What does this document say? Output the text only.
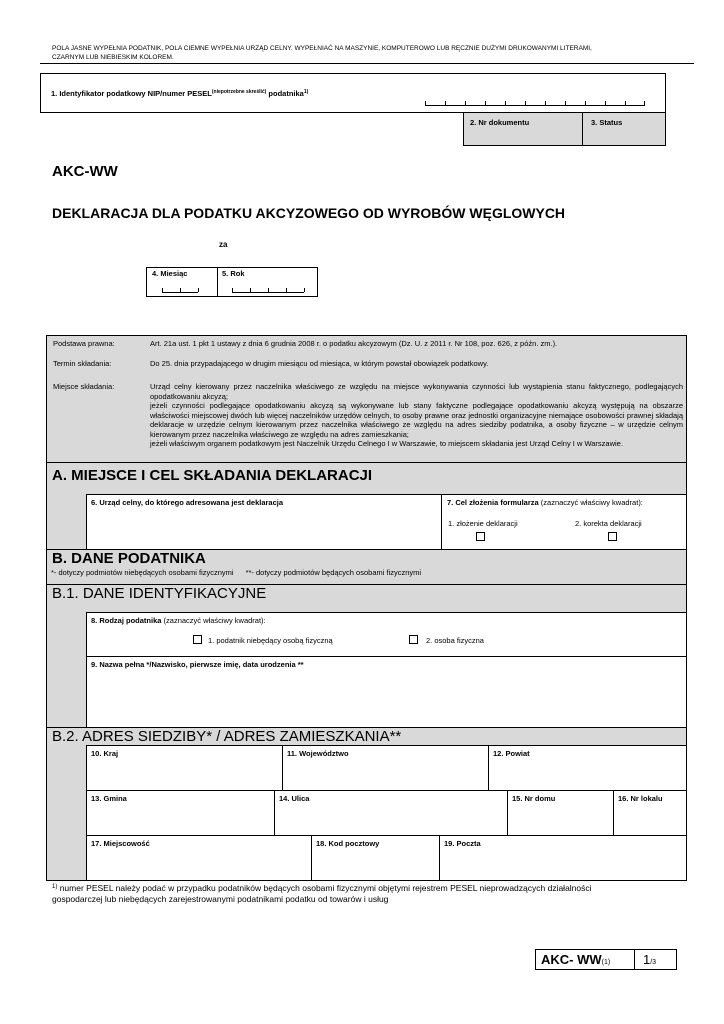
POLA JASNE WYPEŁNIA PODATNIK, POLA CIEMNE WYPEŁNIA URZĄD CELNY. WYPEŁNIAĆ NA MASZYNIE, KOMPUTEROWO LUB RĘCZNIE DUŻYMI DRUKOWANYMI LITERAMI,
CZARNYM LUB NIEBIESKIM KOLOREM.
1. Identyfikator podatkowy NIP/numer $PESEL^{(niepotrzebne skreślić)}$ podatnika$^{1)}$
2. Nr dokumentu	3. Status
AKC-WW
DEKLARACJA DLA PODATKU AKCYZOWEGO OD WYROBÓW WĘGLOWYCH
za
4. Miesiąc	5. Rok
Podstawa prawna:	Art. 21a ust. 1 pkt 1 ustawy z dnia 6 grudnia 2008 r. o podatku akcyzowym (Dz. U. z 2011 r. Nr 108, poz. 626, z późn. zm.).
Termin składania:	Do 25. dnia przypadającego w drugim miesiącu od miesiąca, w którym powstał obowiązek podatkowy.
Miejsce składania:	Urząd celny kierowany przez naczelnika właściwego ze względu na miejsce wykonywania czynności lub wystąpienia stanu faktycznego, podlegających opodatkowaniu akcyzą;
jeżeli czynności podlegające opodatkowaniu akcyzą są wykonywane lub stany faktyczne podlegające opodatkowaniu akcyzą występują na obszarze właściwości miejscowej dwóch lub więcej naczelników urzędów celnych, to osoby prawne oraz jednostki organizacyjne niemające osobowości prawnej składają deklaracje w urzędzie celnym kierowanym przez naczelnika właściwego ze względu na adres siedziby podatnika, a osoby fizyczne – w urzędzie celnym kierowanym przez naczelnika właściwego ze względu na adres zamieszkania;
jeżeli właściwym organem podatkowym jest Naczelnik Urzędu Celnego I w Warszawie, to miejscem składania jest Urząd Celny I w Warszawie.
A. MIEJSCE I CEL SKŁADANIA DEKLARACJI
6. Urząd celny, do którego adresowana jest deklaracja	7. Cel złożenia formularza (zaznaczyć właściwy kwadrat):
1. złożenie deklaracji	2. korekta deklaracji
B. DANE PODATNIKA
*- dotyczy podmiotów niebędących osobami fizycznymi **- dotyczy podmiotów będących osobami fizycznymi
B.1. DANE IDENTYFIKACYJNE
8. Rodzaj podatnika (zaznaczyć właściwy kwadrat):
1. podatnik niebędący osobą fizyczną	2. osoba fizyczna
9. Nazwa pełna */Nazwisko, pierwsze imię, data urodzenia **
B.2. ADRES SIEDZIBY* / ADRES ZAMIESZKANIA**
10. Kraj	11. Województwo	12. Powiat
13. Gmina	14. Ulica	15. Nr domu	16. Nr lokalu
17. Miejscowość	18. Kod pocztowy	19. Poczta
$^{1)}$ numer PESEL należy podać w przypadku podatników będących osobami fizycznymi objętymi rejestrem PESEL nieprowadzących działalności
gospodarczej lub niebędących zarejestrowanymi podatnikami podatku od towarów i usług
AKC- WW(1)	1/3
